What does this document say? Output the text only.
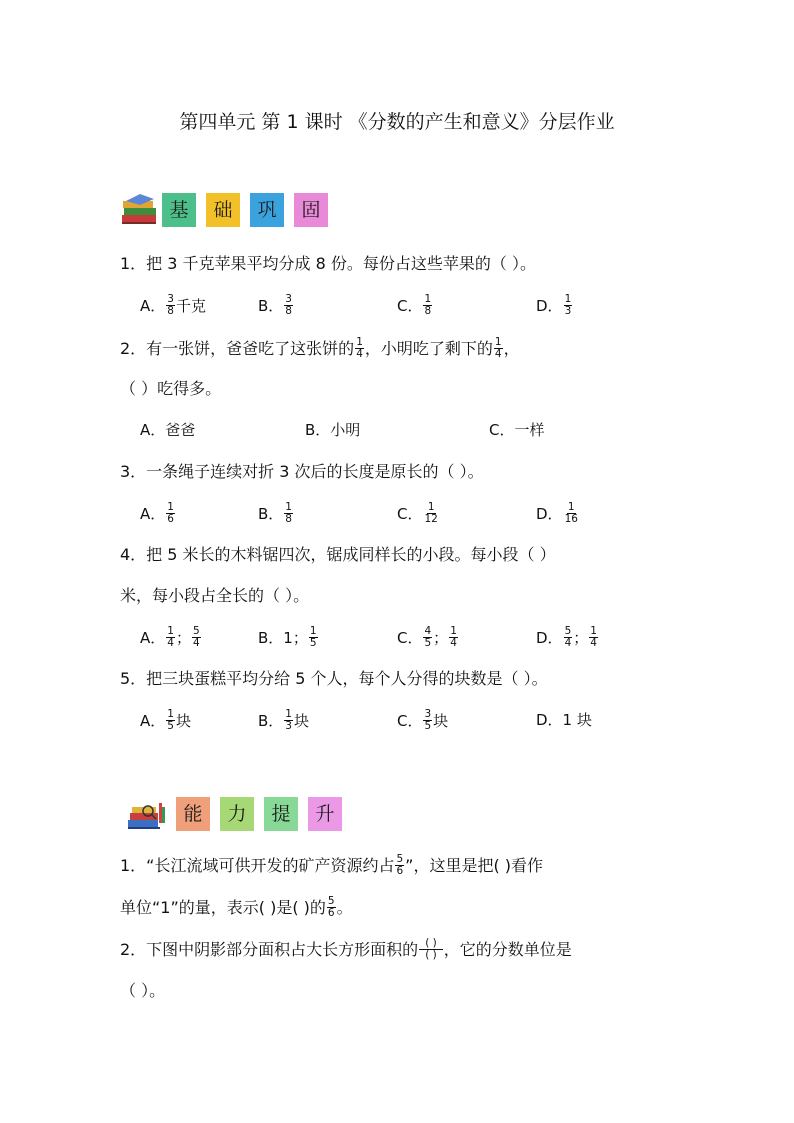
第四单元 第 1 课时 《分数的产生和意义》分层作业
基	础	巩	固
1．把 3 千克苹果平均分成 8 份。每份占这些苹果的（ ）。
A． $\frac{3}{8}$ 千克	B． $\frac{3}{8}$	C． $\frac{1}{8}$	D． $\frac{1}{3}$
2．有一张饼，爸爸吃了这张饼的 $\frac{1}{4}$ ，小明吃了剩下的 $\frac{1}{4}$ ，
（ ）吃得多。
A．爸爸	B．小明	C．一样
3．一条绳子连续对折 3 次后的长度是原长的（ ）。
A． $\frac{1}{6}$	B． $\frac{1}{8}$	C． $\frac{1}{12}$	D． $\frac{1}{16}$
4．把 5 米长的木料锯四次，锯成同样长的小段。每小段（ ）
米，每小段占全长的（ ）。
A． $\frac{1}{4}$ ； $\frac{5}{4}$	B．1； $\frac{1}{5}$	C． $\frac{4}{5}$ ； $\frac{1}{4}$	D． $\frac{5}{4}$ ； $\frac{1}{4}$
5．把三块蛋糕平均分给 5 个人，每个人分得的块数是（ ）。
A． $\frac{1}{5}$ 块	B． $\frac{1}{3}$ 块	C． $\frac{3}{5}$ 块	D．1 块
能	力	提	升
1．“长江流域可供开发的矿产资源约占 $\frac{5}{6}$ ”，这里是把( )看作
单位“1”的量，表示( )是( )的 $\frac{5}{6}$ 。
2．下图中阴影部分面积占大长方形面积的 $\frac{( )}{( )}$ ，它的分数单位是
（ ）。
